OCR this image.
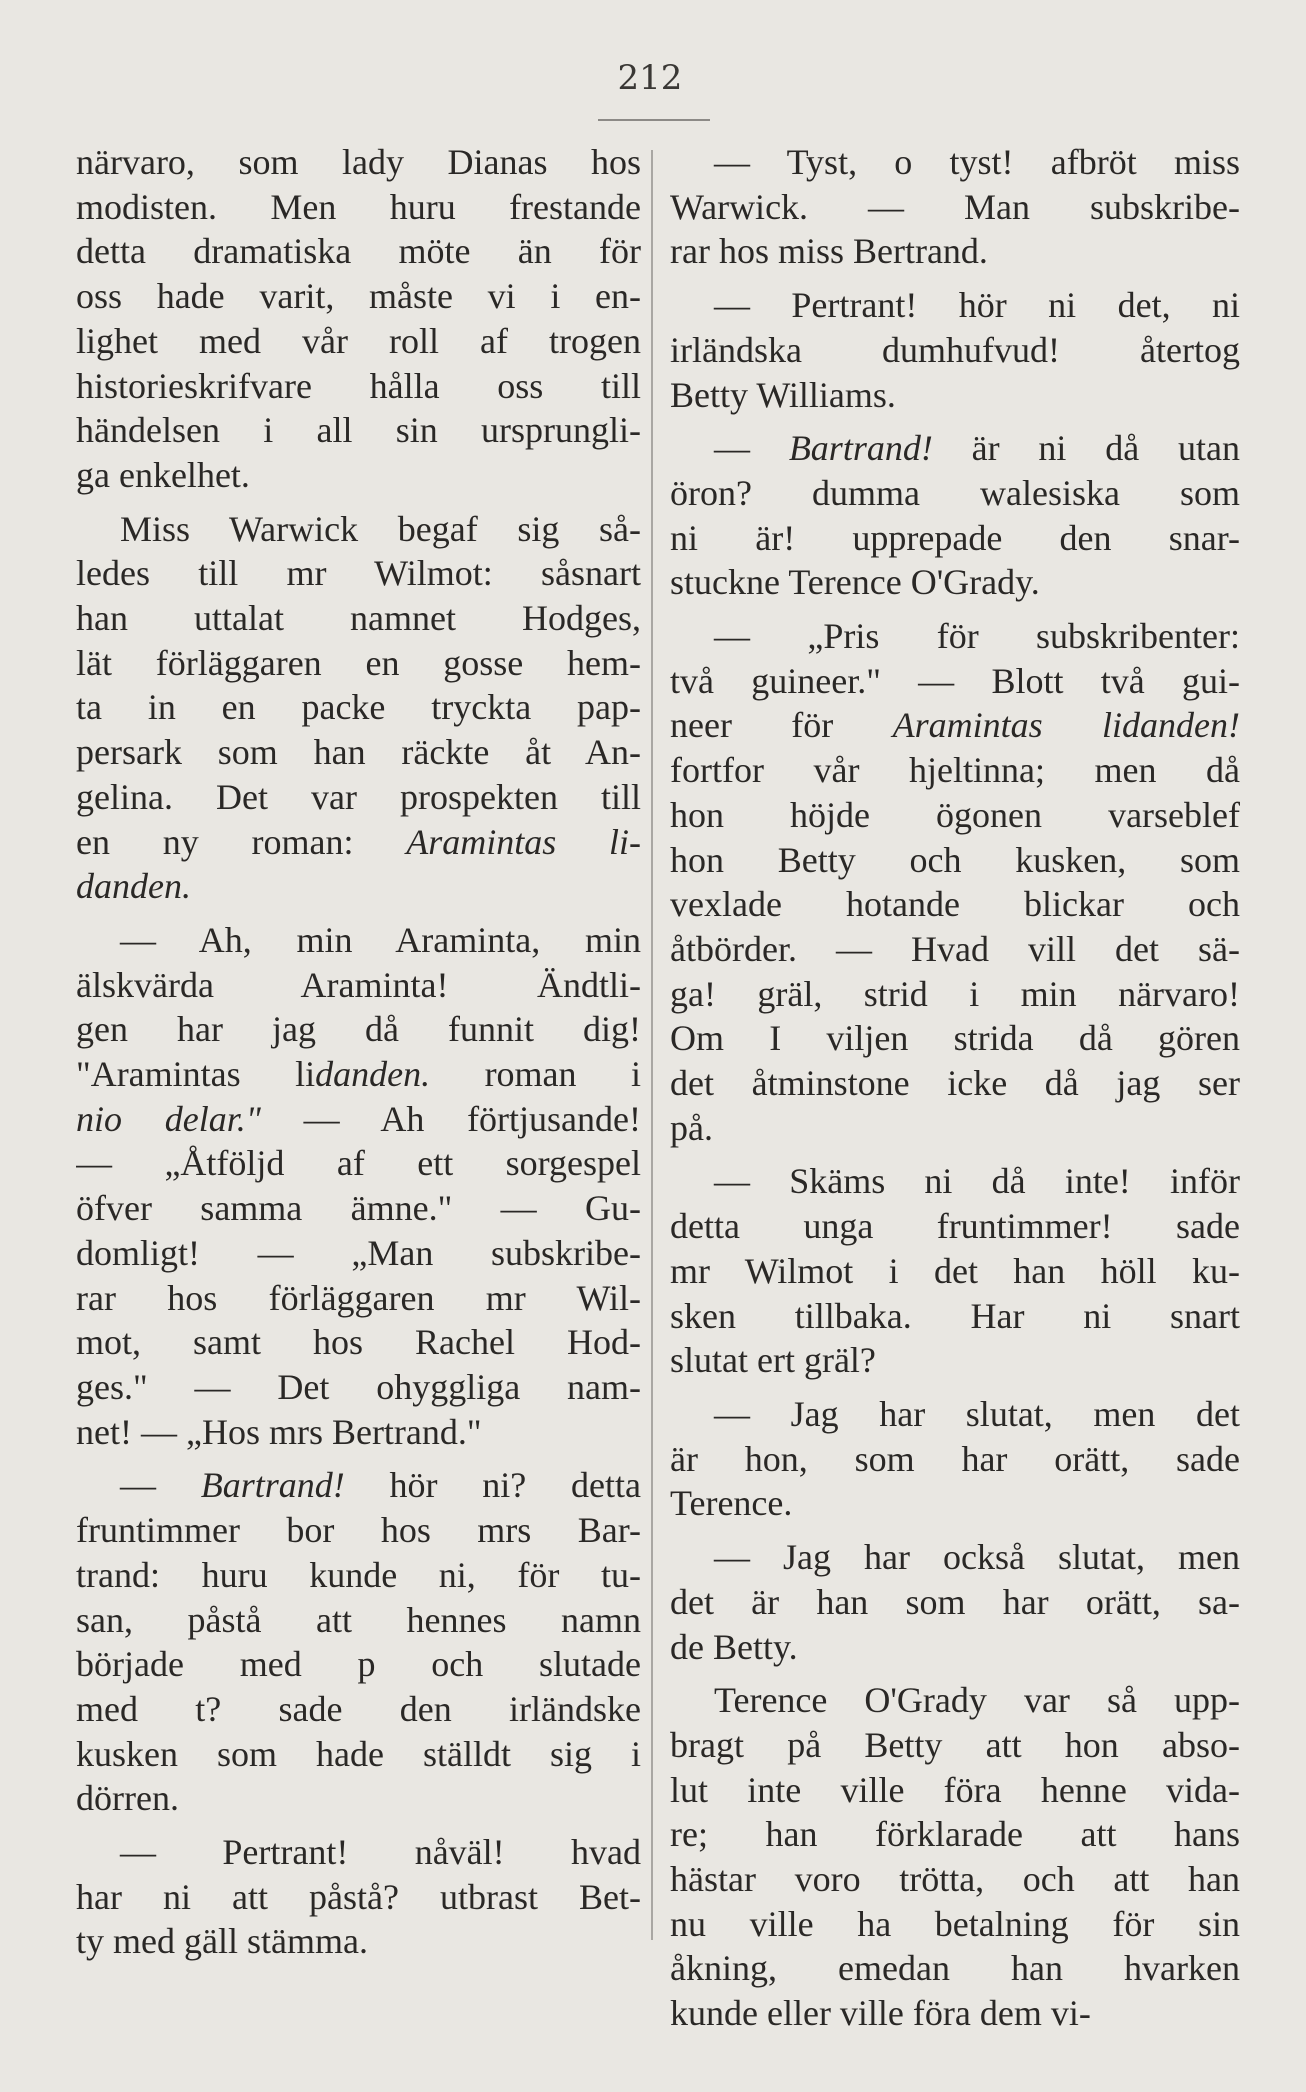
212
närvaro, som lady Dianas hos
modisten. Men huru frestande
detta dramatiska möte än för
oss hade varit, måste vi i en-
lighet med vår roll af trogen
historieskrifvare hålla oss till
händelsen i all sin ursprungli-
ga enkelhet.
Miss Warwick begaf sig så-
ledes till mr Wilmot: såsnart
han uttalat namnet Hodges,
lät förläggaren en gosse hem-
ta in en packe tryckta pap-
persark som han räckte åt An-
gelina. Det var prospekten till
en ny roman: Aramintas li-
danden.
— Ah, min Araminta, min
älskvärda Araminta! Ändtli-
gen har jag då funnit dig!
"Aramintas lidanden. roman i
nio delar." — Ah förtjusande!
— „Åtföljd af ett sorgespel
öfver samma ämne." — Gu-
domligt! — „Man subskribe-
rar hos förläggaren mr Wil-
mot, samt hos Rachel Hod-
ges." — Det ohyggliga nam-
net! — „Hos mrs Bertrand."
— Bartrand! hör ni? detta
fruntimmer bor hos mrs Bar-
trand: huru kunde ni, för tu-
san, påstå att hennes namn
började med p och slutade
med t? sade den irländske
kusken som hade ställdt sig i
dörren.
— Pertrant! nåväl! hvad
har ni att påstå? utbrast Bet-
ty med gäll stämma.
— Tyst, o tyst! afbröt miss
Warwick. — Man subskribe-
rar hos miss Bertrand.
— Pertrant! hör ni det, ni
irländska dumhufvud! återtog
Betty Williams.
— Bartrand! är ni då utan
öron? dumma walesiska som
ni är! upprepade den snar-
stuckne Terence O'Grady.
— „Pris för subskribenter:
två guineer." — Blott två gui-
neer för Aramintas lidanden!
fortfor vår hjeltinna; men då
hon höjde ögonen varseblef
hon Betty och kusken, som
vexlade hotande blickar och
åtbörder. — Hvad vill det sä-
ga! gräl, strid i min närvaro!
Om I viljen strida då gören
det åtminstone icke då jag ser
på.
— Skäms ni då inte! inför
detta unga fruntimmer! sade
mr Wilmot i det han höll ku-
sken tillbaka. Har ni snart
slutat ert gräl?
— Jag har slutat, men det
är hon, som har orätt, sade
Terence.
— Jag har också slutat, men
det är han som har orätt, sa-
de Betty.
Terence O'Grady var så upp-
bragt på Betty att hon abso-
lut inte ville föra henne vida-
re; han förklarade att hans
hästar voro trötta, och att han
nu ville ha betalning för sin
åkning, emedan han hvarken
kunde eller ville föra dem vi-
